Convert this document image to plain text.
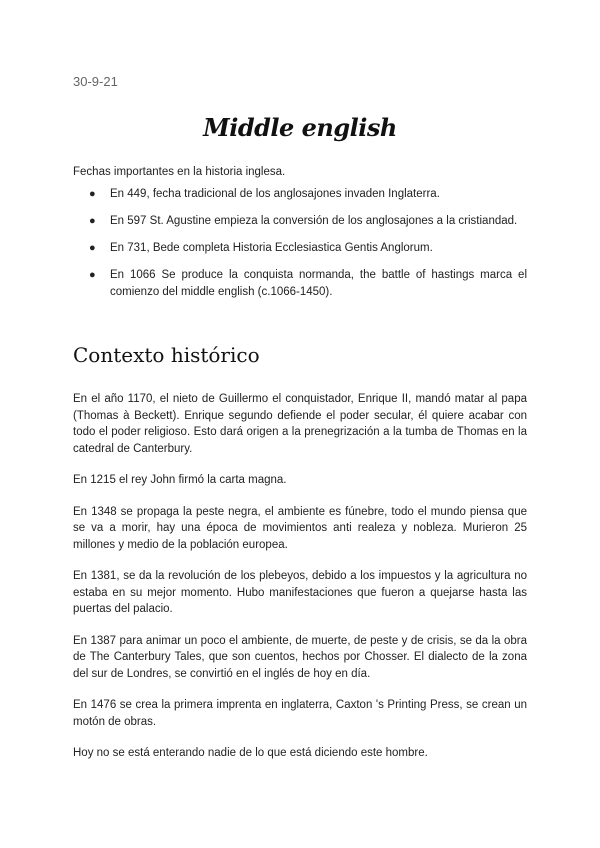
30-9-21
Middle english
Fechas importantes en la historia inglesa.
● En 449, fecha tradicional de los anglosajones invaden Inglaterra.
● En 597 St. Agustine empieza la conversión de los anglosajones a la cristiandad.
● En 731, Bede completa Historia Ecclesiastica Gentis Anglorum.
● En 1066 Se produce la conquista normanda, the battle of hastings marca el comienzo del middle english (c.1066-1450).
Contexto histórico

En el año 1170, el nieto de Guillermo el conquistador, Enrique II, mandó matar al papa (Thomas à Beckett). Enrique segundo defiende el poder secular, él quiere acabar con todo el poder religioso. Esto dará origen a la prenegrización a la tumba de Thomas en la catedral de Canterbury.

En 1215 el rey John firmó la carta magna.

En 1348 se propaga la peste negra, el ambiente es fúnebre, todo el mundo piensa que se va a morir, hay una época de movimientos anti realeza y nobleza. Murieron 25 millones y medio de la población europea.

En 1381, se da la revolución de los plebeyos, debido a los impuestos y la agricultura no estaba en su mejor momento. Hubo manifestaciones que fueron a quejarse hasta las puertas del palacio.

En 1387 para animar un poco el ambiente, de muerte, de peste y de crisis, se da la obra de The Canterbury Tales, que son cuentos, hechos por Chosser. El dialecto de la zona del sur de Londres, se convirtió en el inglés de hoy en día.

En 1476 se crea la primera imprenta en inglaterra, Caxton 's Printing Press, se crean un motón de obras.

Hoy no se está enterando nadie de lo que está diciendo este hombre.
